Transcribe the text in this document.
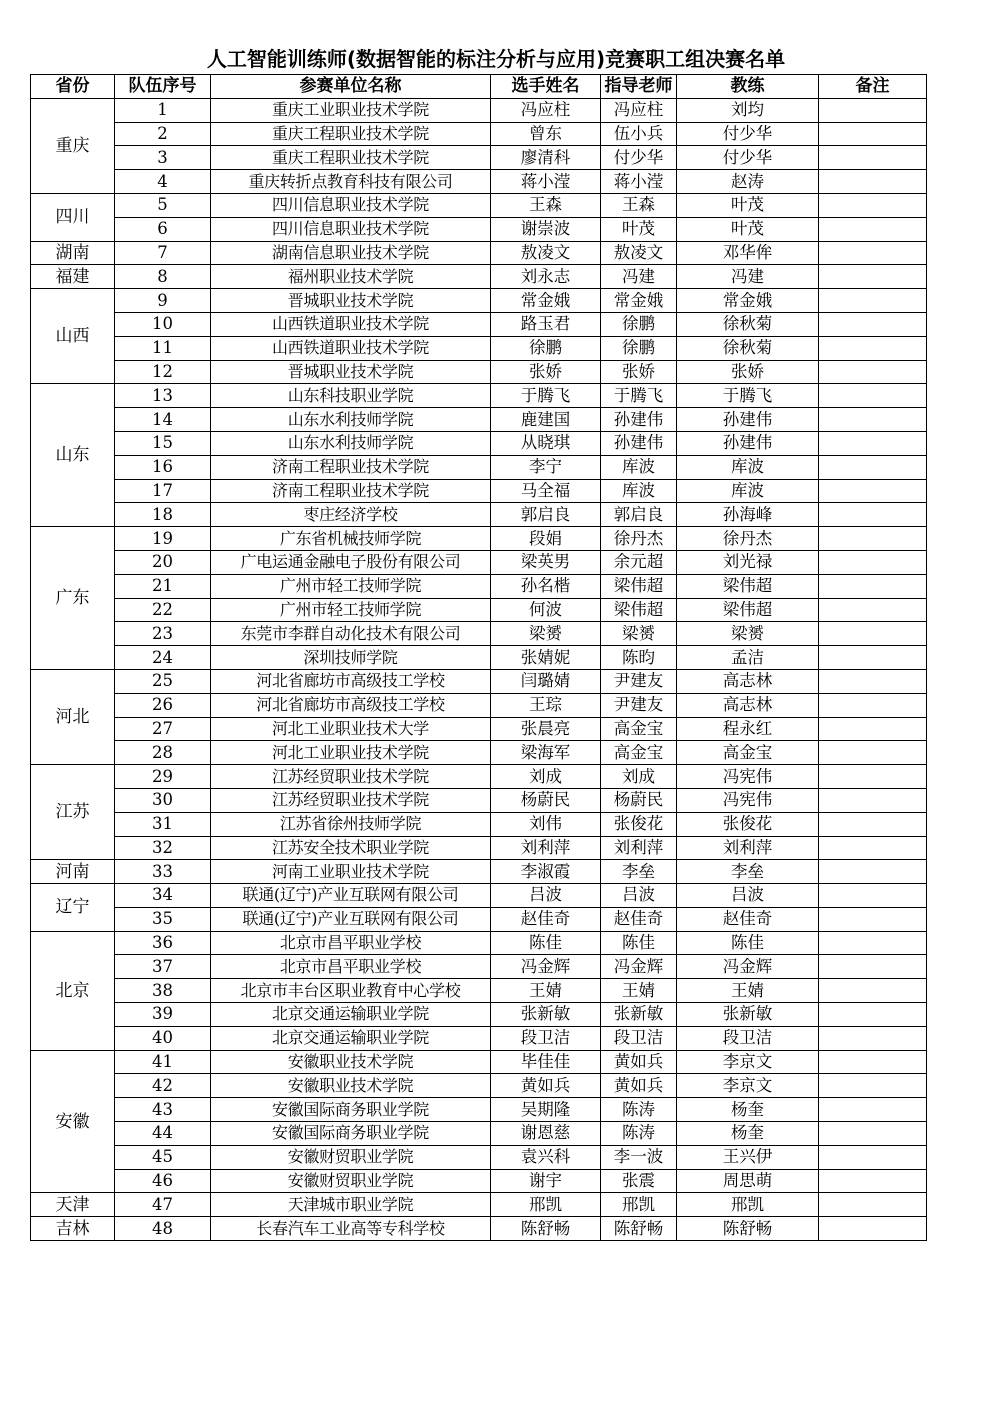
人工智能训练师(数据智能的标注分析与应用)竞赛职工组决赛名单
省份	队伍序号	参赛单位名称	选手姓名	指导老师	教练	备注
重庆	1	重庆工业职业技术学院	冯应柱	冯应柱	刘均	
	2	重庆工程职业技术学院	曾东	伍小兵	付少华	
	3	重庆工程职业技术学院	廖清科	付少华	付少华	
	4	重庆转折点教育科技有限公司	蒋小滢	蒋小滢	赵涛	
四川	5	四川信息职业技术学院	王森	王森	叶茂	
	6	四川信息职业技术学院	谢崇波	叶茂	叶茂	
湖南	7	湖南信息职业技术学院	敖凌文	敖凌文	邓华侔	
福建	8	福州职业技术学院	刘永志	冯建	冯建	
山西	9	晋城职业技术学院	常金娥	常金娥	常金娥	
	10	山西铁道职业技术学院	路玉君	徐鹏	徐秋菊	
	11	山西铁道职业技术学院	徐鹏	徐鹏	徐秋菊	
	12	晋城职业技术学院	张娇	张娇	张娇	
山东	13	山东科技职业学院	于腾飞	于腾飞	于腾飞	
	14	山东水利技师学院	鹿建国	孙建伟	孙建伟	
	15	山东水利技师学院	从晓琪	孙建伟	孙建伟	
	16	济南工程职业技术学院	李宁	库波	库波	
	17	济南工程职业技术学院	马全福	库波	库波	
	18	枣庄经济学校	郭启良	郭启良	孙海峰	
广东	19	广东省机械技师学院	段娟	徐丹杰	徐丹杰	
	20	广电运通金融电子股份有限公司	梁英男	余元超	刘光禄	
	21	广州市轻工技师学院	孙名楷	梁伟超	梁伟超	
	22	广州市轻工技师学院	何波	梁伟超	梁伟超	
	23	东莞市李群自动化技术有限公司	梁赟	梁赟	梁赟	
	24	深圳技师学院	张婧妮	陈昀	孟洁	
河北	25	河北省廊坊市高级技工学校	闫璐婧	尹建友	高志林	
	26	河北省廊坊市高级技工学校	王琮	尹建友	高志林	
	27	河北工业职业技术大学	张晨亮	高金宝	程永红	
	28	河北工业职业技术学院	梁海军	高金宝	高金宝	
江苏	29	江苏经贸职业技术学院	刘成	刘成	冯宪伟	
	30	江苏经贸职业技术学院	杨蔚民	杨蔚民	冯宪伟	
	31	江苏省徐州技师学院	刘伟	张俊花	张俊花	
	32	江苏安全技术职业学院	刘利萍	刘利萍	刘利萍	
河南	33	河南工业职业技术学院	李淑霞	李垒	李垒	
辽宁	34	联通(辽宁)产业互联网有限公司	吕波	吕波	吕波	
	35	联通(辽宁)产业互联网有限公司	赵佳奇	赵佳奇	赵佳奇	
北京	36	北京市昌平职业学校	陈佳	陈佳	陈佳	
	37	北京市昌平职业学校	冯金辉	冯金辉	冯金辉	
	38	北京市丰台区职业教育中心学校	王婧	王婧	王婧	
	39	北京交通运输职业学院	张新敏	张新敏	张新敏	
	40	北京交通运输职业学院	段卫洁	段卫洁	段卫洁	
安徽	41	安徽职业技术学院	毕佳佳	黄如兵	李京文	
	42	安徽职业技术学院	黄如兵	黄如兵	李京文	
	43	安徽国际商务职业学院	吴期隆	陈涛	杨奎	
	44	安徽国际商务职业学院	谢恩慈	陈涛	杨奎	
	45	安徽财贸职业学院	袁兴科	李一波	王兴伊	
	46	安徽财贸职业学院	谢宇	张震	周思萌	
天津	47	天津城市职业学院	邢凯	邢凯	邢凯	
吉林	48	长春汽车工业高等专科学校	陈舒畅	陈舒畅	陈舒畅	
